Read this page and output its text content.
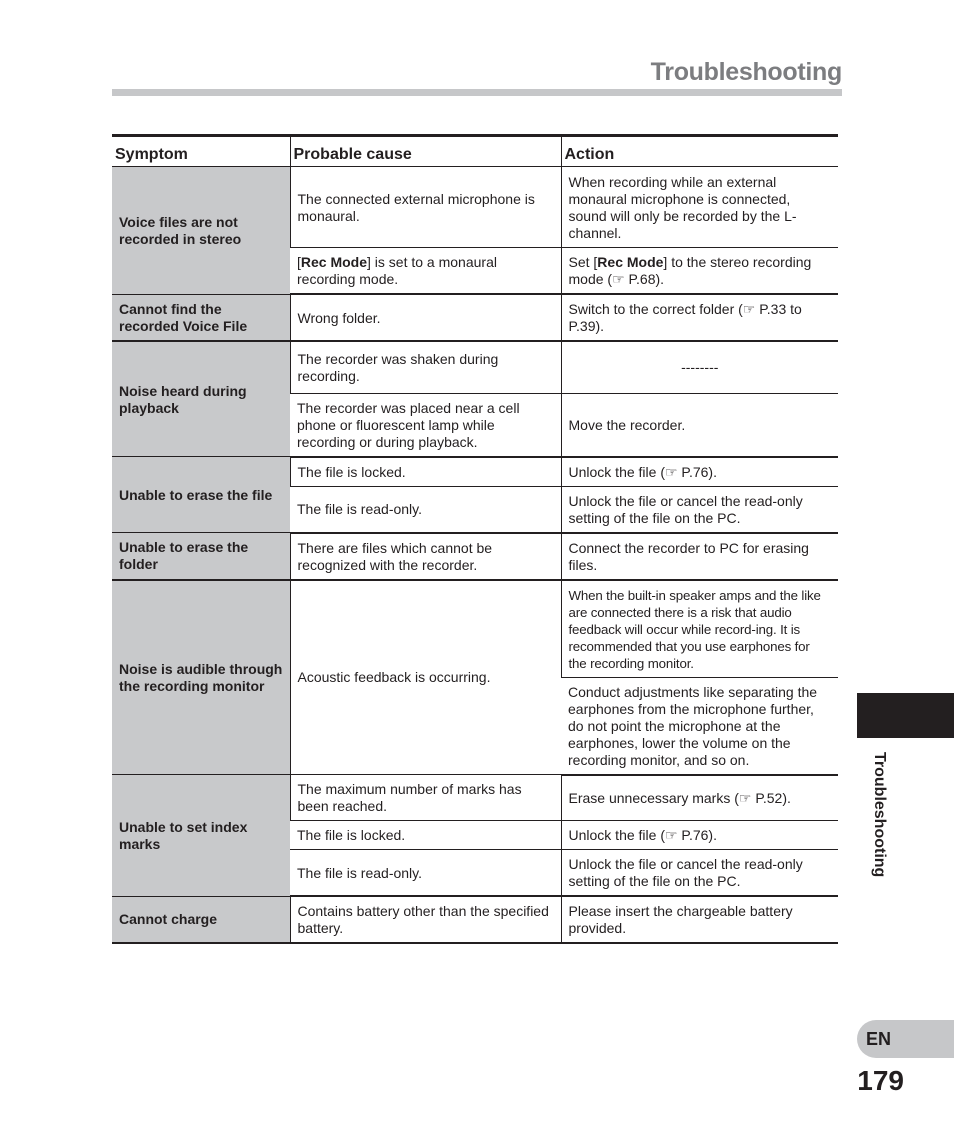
Troubleshooting
Symptom	Probable cause	Action
Voice files are not recorded in stereo	The connected external microphone is monaural.	When recording while an external monaural microphone is connected, sound will only be recorded by the L-channel.
	[Rec Mode] is set to a monaural recording mode.	Set [Rec Mode] to the stereo recording mode (☞ P.68).
Cannot find the recorded Voice File	Wrong folder.	Switch to the correct folder (☞ P.33 to P.39).
Noise heard during playback	The recorder was shaken during recording.	--------
	The recorder was placed near a cell phone or fluorescent lamp while recording or during playback.	Move the recorder.
Unable to erase the file	The file is locked.	Unlock the file (☞ P.76).
	The file is read-only.	Unlock the file or cancel the read-only setting of the file on the PC.
Unable to erase the folder	There are files which cannot be recognized with the recorder.	Connect the recorder to PC for erasing files.
Noise is audible through the recording monitor	Acoustic feedback is occurring.	When the built-in speaker amps and the like are connected there is a risk that audio feedback will occur while record-ing. It is recommended that you use earphones for the recording monitor.
		Conduct adjustments like separating the earphones from the microphone further, do not point the microphone at the earphones, lower the volume on the recording monitor, and so on.
Unable to set index marks	The maximum number of marks has been reached.	Erase unnecessary marks (☞ P.52).
	The file is locked.	Unlock the file (☞ P.76).
	The file is read-only.	Unlock the file or cancel the read-only setting of the file on the PC.
Cannot charge	Contains battery other than the specified battery.	Please insert the chargeable battery provided.
Troubleshooting
EN
179
